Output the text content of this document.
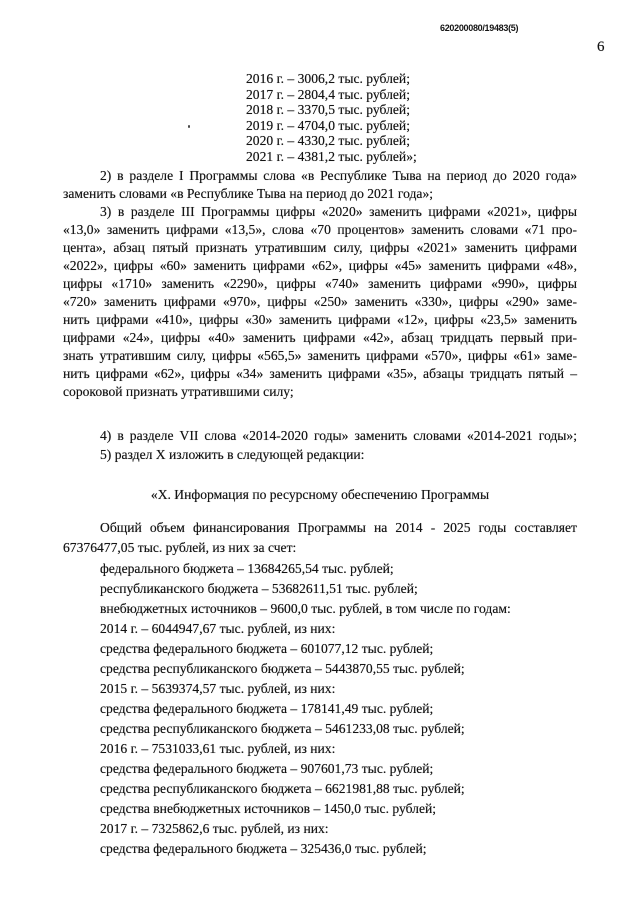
620200080/19483(5)
6
2016 г. – 3006,2 тыс. рублей;
2017 г. – 2804,4 тыс. рублей;
2018 г. – 3370,5 тыс. рублей;
2019 г. – 4704,0 тыс. рублей;
2020 г. – 4330,2 тыс. рублей;
2021 г. – 4381,2 тыс. рублей»;
2) в разделе I Программы слова «в Республике Тыва на период до 2020 года»
заменить словами «в Республике Тыва на период до 2021 года»;
3) в разделе III Программы цифры «2020» заменить цифрами «2021», цифры
«13,0» заменить цифрами «13,5», слова «70 процентов» заменить словами «71 про-
цента», абзац пятый признать утратившим силу, цифры «2021» заменить цифрами
«2022», цифры «60» заменить цифрами «62», цифры «45» заменить цифрами «48»,
цифры «1710» заменить «2290», цифры «740» заменить цифрами «990», цифры
«720» заменить цифрами «970», цифры «250» заменить «330», цифры «290» заме-
нить цифрами «410», цифры «30» заменить цифрами «12», цифры «23,5» заменить
цифрами «24», цифры «40» заменить цифрами «42», абзац тридцать первый при-
знать утратившим силу, цифры «565,5» заменить цифрами «570», цифры «61» заме-
нить цифрами «62», цифры «34» заменить цифрами «35», абзацы тридцать пятый –
сороковой признать утратившими силу;
4) в разделе VII слова «2014-2020 годы» заменить словами «2014-2021 годы»;
5) раздел X изложить в следующей редакции:
«X. Информация по ресурсному обеспечению Программы
Общий объем финансирования Программы на 2014 - 2025 годы составляет
67376477,05 тыс. рублей, из них за счет:
федерального бюджета – 13684265,54 тыс. рублей;
республиканского бюджета – 53682611,51 тыс. рублей;
внебюджетных источников – 9600,0 тыс. рублей, в том числе по годам:
2014 г. – 6044947,67 тыс. рублей, из них:
средства федерального бюджета – 601077,12 тыс. рублей;
средства республиканского бюджета – 5443870,55 тыс. рублей;
2015 г. – 5639374,57 тыс. рублей, из них:
средства федерального бюджета – 178141,49 тыс. рублей;
средства республиканского бюджета – 5461233,08 тыс. рублей;
2016 г. – 7531033,61 тыс. рублей, из них:
средства федерального бюджета – 907601,73 тыс. рублей;
средства республиканского бюджета – 6621981,88 тыс. рублей;
средства внебюджетных источников – 1450,0 тыс. рублей;
2017 г. – 7325862,6 тыс. рублей, из них:
средства федерального бюджета – 325436,0 тыс. рублей;
